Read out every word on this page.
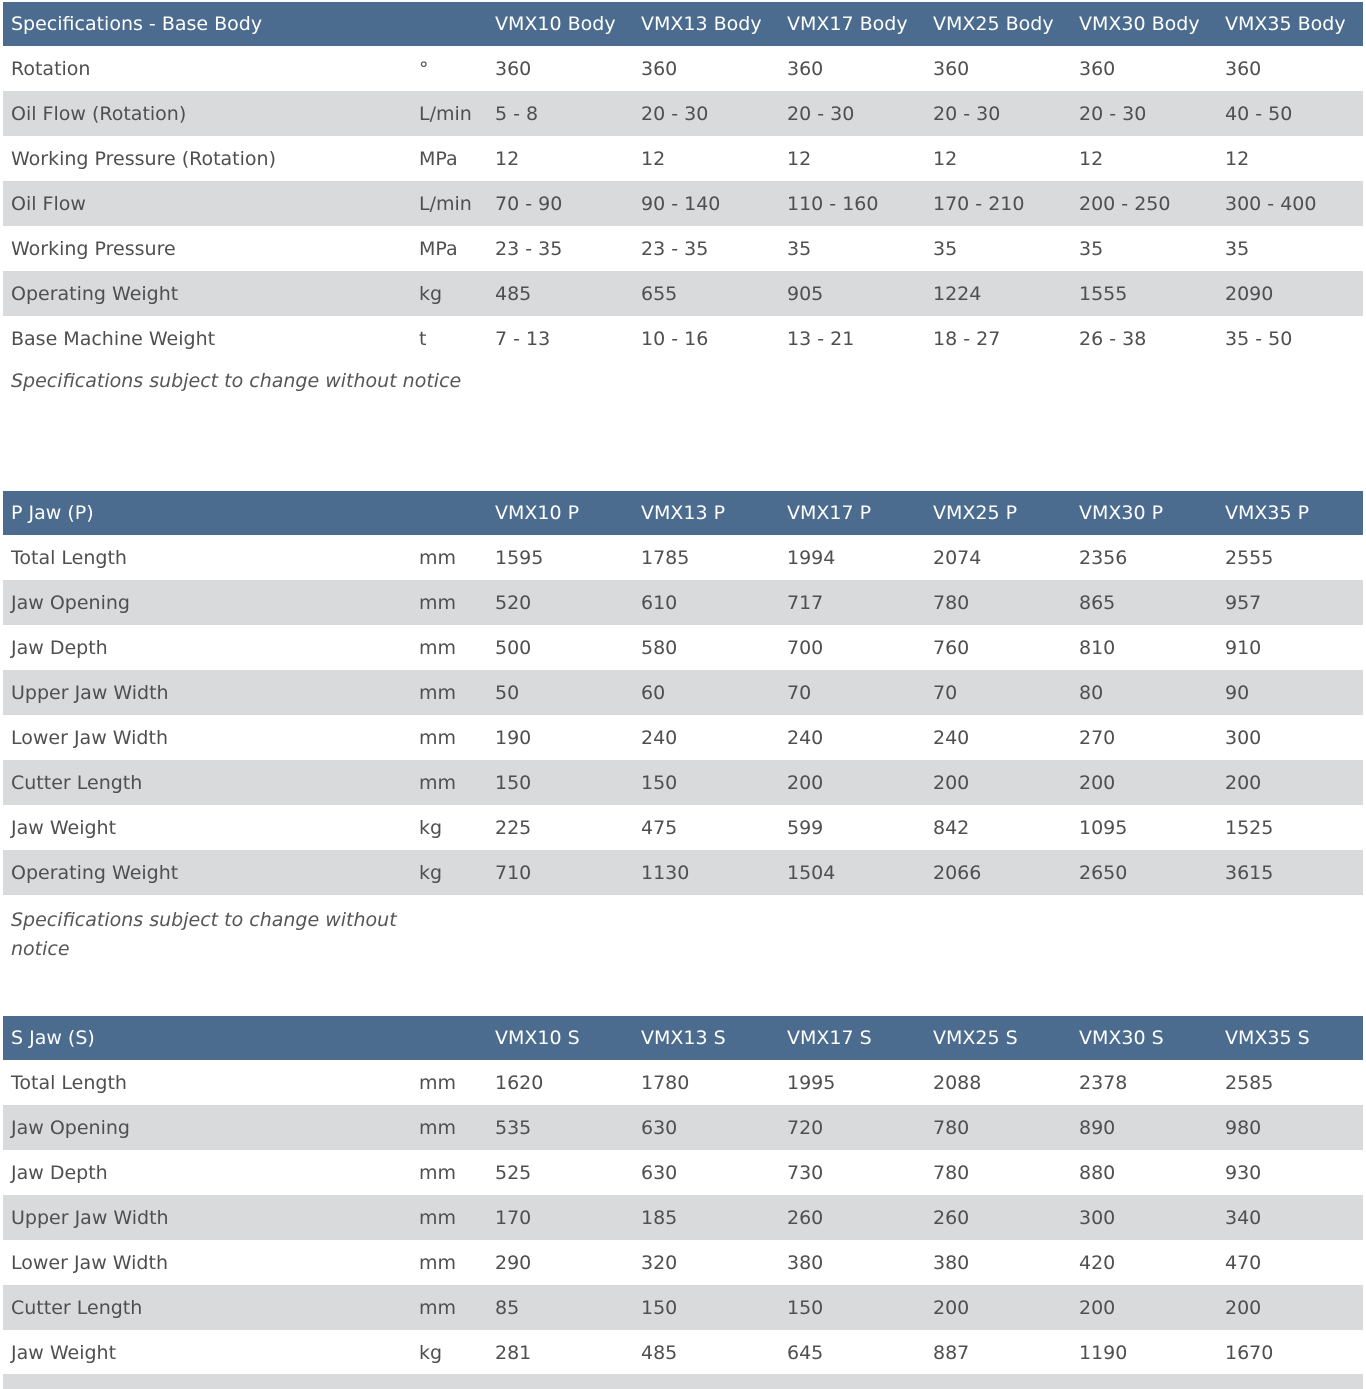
Specifications - Base Body		VMX10 Body	VMX13 Body	VMX17 Body	VMX25 Body	VMX30 Body	VMX35 Body
Rotation	°	360	360	360	360	360	360
Oil Flow (Rotation)	L/min	5 - 8	20 - 30	20 - 30	20 - 30	20 - 30	40 - 50
Working Pressure (Rotation)	MPa	12	12	12	12	12	12
Oil Flow	L/min	70 - 90	90 - 140	110 - 160	170 - 210	200 - 250	300 - 400
Working Pressure	MPa	23 - 35	23 - 35	35	35	35	35
Operating Weight	kg	485	655	905	1224	1555	2090
Base Machine Weight	t	7 - 13	10 - 16	13 - 21	18 - 27	26 - 38	35 - 50
Specifications subject to change without notice
P Jaw (P)		VMX10 P	VMX13 P	VMX17 P	VMX25 P	VMX30 P	VMX35 P
Total Length	mm	1595	1785	1994	2074	2356	2555
Jaw Opening	mm	520	610	717	780	865	957
Jaw Depth	mm	500	580	700	760	810	910
Upper Jaw Width	mm	50	60	70	70	80	90
Lower Jaw Width	mm	190	240	240	240	270	300
Cutter Length	mm	150	150	200	200	200	200
Jaw Weight	kg	225	475	599	842	1095	1525
Operating Weight	kg	710	1130	1504	2066	2650	3615
Specifications subject to change without notice
S Jaw (S)		VMX10 S	VMX13 S	VMX17 S	VMX25 S	VMX30 S	VMX35 S
Total Length	mm	1620	1780	1995	2088	2378	2585
Jaw Opening	mm	535	630	720	780	890	980
Jaw Depth	mm	525	630	730	780	880	930
Upper Jaw Width	mm	170	185	260	260	300	340
Lower Jaw Width	mm	290	320	380	380	420	470
Cutter Length	mm	85	150	150	200	200	200
Jaw Weight	kg	281	485	645	887	1190	1670
